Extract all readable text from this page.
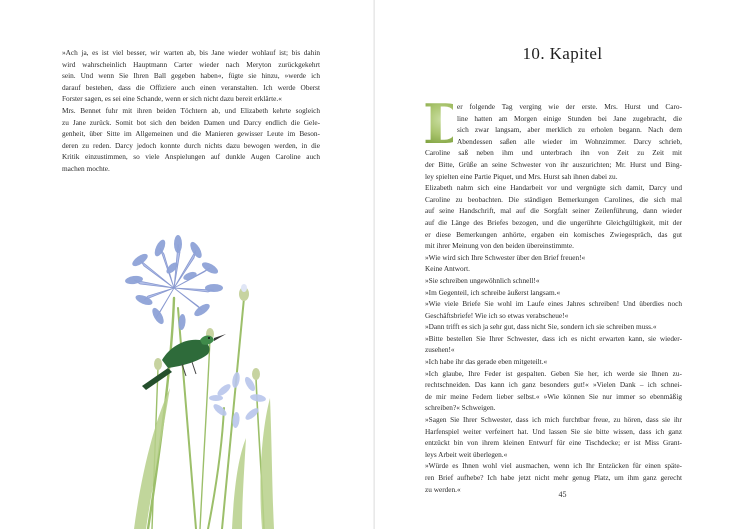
»Ach ja, es ist viel besser, wir warten ab, bis Jane wieder wohlauf ist; bis dahin

wird wahrscheinlich Hauptmann Carter wieder nach Meryton zurückgekehrt

sein. Und wenn Sie Ihren Ball gegeben haben«, fügte sie hinzu, »werde ich

darauf bestehen, dass die Offiziere auch einen veranstalten. Ich werde Oberst

Forster sagen, es sei eine Schande, wenn er sich nicht dazu bereit erklärte.«

Mrs. Bennet fuhr mit ihren beiden Töchtern ab, und Elizabeth kehrte sogleich

zu Jane zurück. Somit bot sich den beiden Damen und Darcy endlich die Gele-

genheit, über Sitte im Allgemeinen und die Manieren gewisser Leute im Beson-

deren zu reden. Darcy jedoch konnte durch nichts dazu bewogen werden, in die

Kritik einzustimmen, so viele Anspielungen auf dunkle Augen Caroline auch

machen mochte.

10. Kapitel
D

er folgende Tag verging wie der erste. Mrs. Hurst und Caro-

line hatten am Morgen einige Stunden bei Jane zugebracht, die

sich zwar langsam, aber merklich zu erholen begann. Nach dem

Abendessen saßen alle wieder im Wohnzimmer. Darcy schrieb,

Caroline saß neben ihm und unterbrach ihn von Zeit zu Zeit mit

der Bitte, Grüße an seine Schwester von ihr auszurichten; Mr. Hurst und Bing-

ley spielten eine Partie Piquet, und Mrs. Hurst sah ihnen dabei zu.

Elizabeth nahm sich eine Handarbeit vor und vergnügte sich damit, Darcy und

Caroline zu beobachten. Die ständigen Bemerkungen Carolines, die sich mal

auf seine Handschrift, mal auf die Sorgfalt seiner Zeilenführung, dann wieder

auf die Länge des Briefes bezogen, und die ungerührte Gleichgültigkeit, mit der

er diese Bemerkungen anhörte, ergaben ein komisches Zwiegespräch, das gut

mit ihrer Meinung von den beiden übereinstimmte.

»Wie wird sich Ihre Schwester über den Brief freuen!«

Keine Antwort.

»Sie schreiben ungewöhnlich schnell!«

»Im Gegenteil, ich schreibe äußerst langsam.«

»Wie viele Briefe Sie wohl im Laufe eines Jahres schreiben! Und überdies noch

Geschäftsbriefe! Wie ich so etwas verabscheue!«

»Dann trifft es sich ja sehr gut, dass nicht Sie, sondern ich sie schreiben muss.«

»Bitte bestellen Sie Ihrer Schwester, dass ich es nicht erwarten kann, sie wieder-

zusehen!«

»Ich habe ihr das gerade eben mitgeteilt.«

»Ich glaube, Ihre Feder ist gespalten. Geben Sie her, ich werde sie Ihnen zu-

rechtschneiden. Das kann ich ganz besonders gut!« »Vielen Dank – ich schnei-

de mir meine Federn lieber selbst.« »Wie können Sie nur immer so ebenmäßig

schreiben?« Schweigen.

»Sagen Sie Ihrer Schwester, dass ich mich furchtbar freue, zu hören, dass sie ihr

Harfenspiel weiter verfeinert hat. Und lassen Sie sie bitte wissen, dass ich ganz

entzückt bin von ihrem kleinen Entwurf für eine Tischdecke; er ist Miss Grant-

leys Arbeit weit überlegen.«

»Würde es Ihnen wohl viel ausmachen, wenn ich Ihr Entzücken für einen späte-

ren Brief aufhebe? Ich habe jetzt nicht mehr genug Platz, um ihm ganz gerecht

zu werden.«

45
